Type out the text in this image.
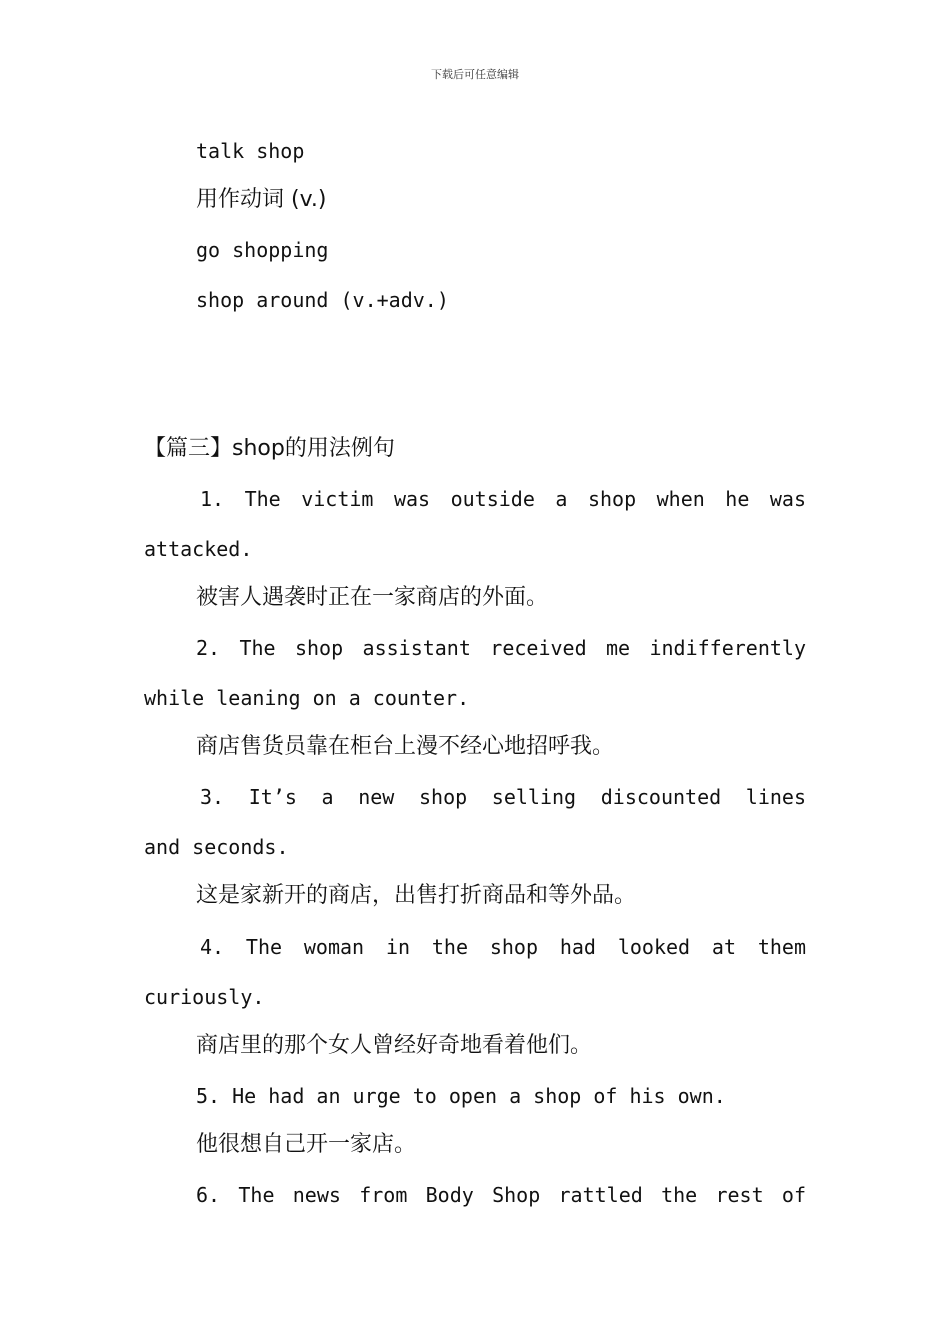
下载后可任意编辑
talk shop
用作动词 (v.)
go shopping
shop around (v.+adv.)
【篇三】shop的用法例句
1. The victim was outside a shop when he was
attacked.
被害人遇袭时正在一家商店的外面。
2. The shop assistant received me indifferently
while leaning on a counter.
商店售货员靠在柜台上漫不经心地招呼我。
3. It’s a new shop selling discounted lines
and seconds.
这是家新开的商店，出售打折商品和等外品。
4. The woman in the shop had looked at them
curiously.
商店里的那个女人曾经好奇地看着他们。
5. He had an urge to open a shop of his own.
他很想自己开一家店。
6. The news from Body Shop rattled the rest of
